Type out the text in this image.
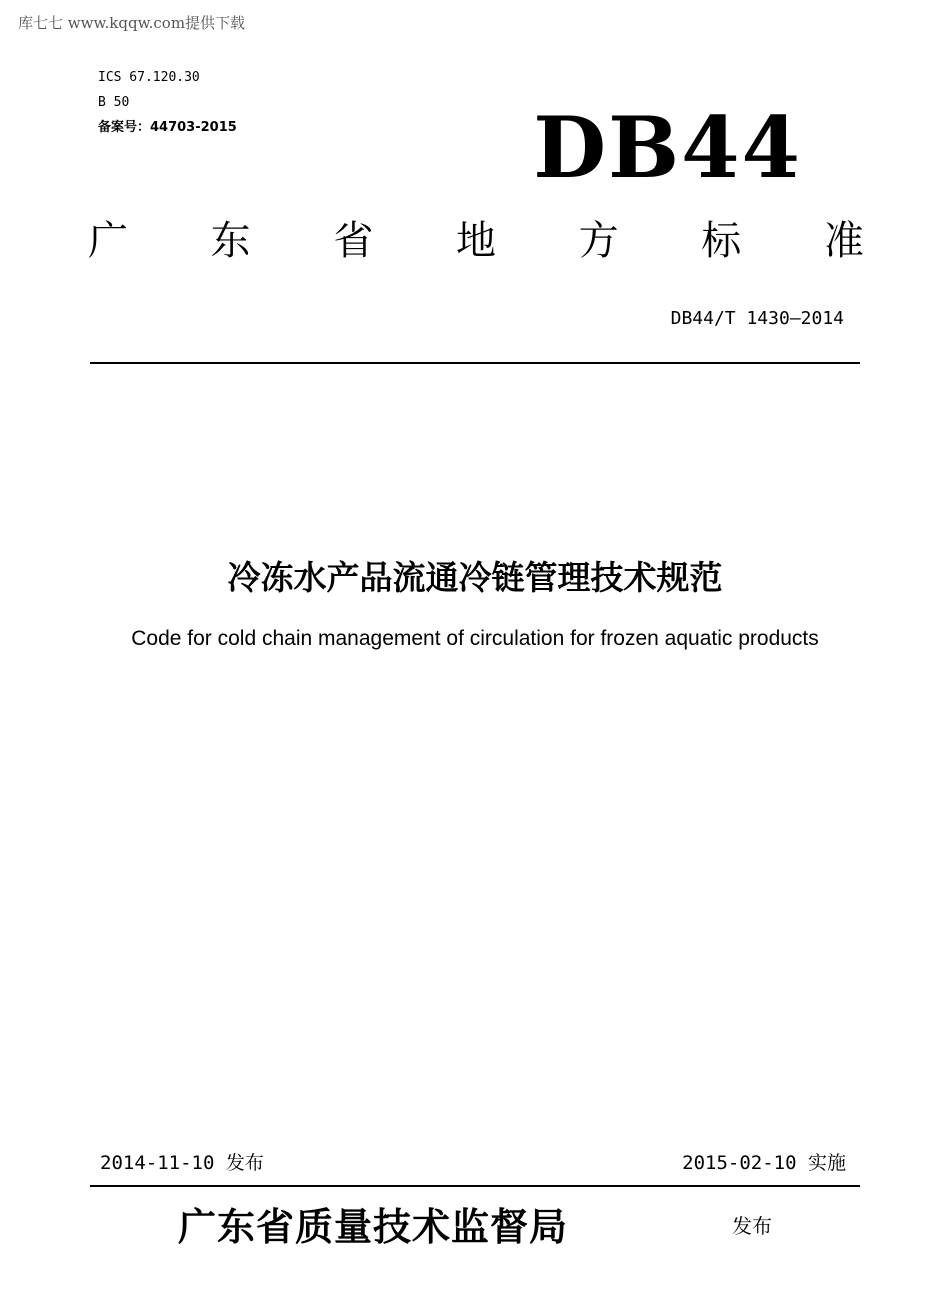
库七七 www.kqqw.com提供下载
ICS 67.120.30
B 50
备案号：44703-2015	DB44
广 东 省 地 方 标 准
DB44/T 1430—2014
冷冻水产品流通冷链管理技术规范
Code for cold chain management of circulation for frozen aquatic products
2014-11-10 发布	2015-02-10 实施
广东省质量技术监督局	发布
